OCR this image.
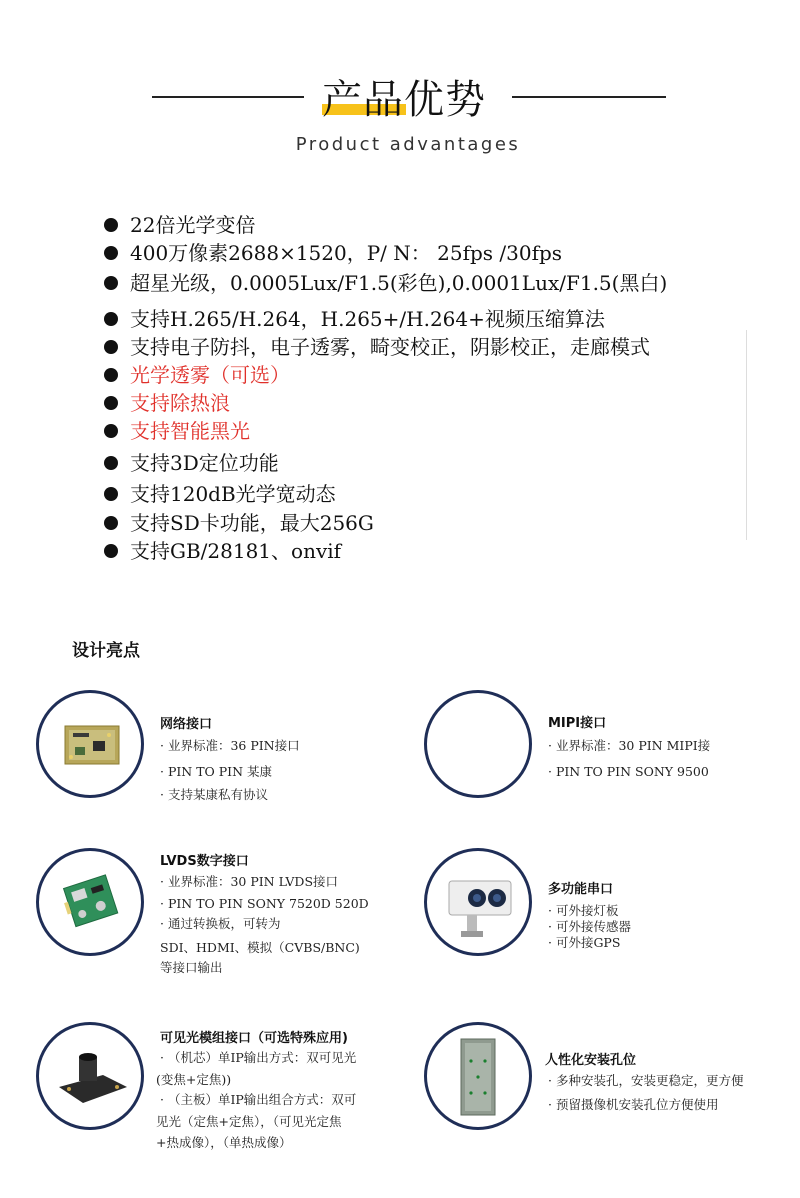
产品优势
Product advantages
22倍光学变倍
400万像素2688×1520，P/ N： 25fps /30fps
超星光级，0.0005Lux/F1.5(彩色),0.0001Lux/F1.5(黑白)
支持H.265/H.264，H.265+/H.264+视频压缩算法
支持电子防抖，电子透雾，畸变校正，阴影校正，走廊模式
光学透雾（可选）
支持除热浪
支持智能黑光
支持3D定位功能
支持120dB光学宽动态
支持SD卡功能，最大256G
支持GB/28181、onvif
设计亮点
网络接口
· 业界标准：36 PIN接口
· PIN TO PIN 某康
· 支持某康私有协议
MIPI接口
· 业界标准：30 PIN MIPI接
· PIN TO PIN SONY 9500
LVDS数字接口
· 业界标准：30 PIN LVDS接口
· PIN TO PIN SONY 7520D 520D
· 通过转换板，可转为
SDI、HDMI、模拟（CVBS/BNC)
等接口输出
多功能串口
· 可外接灯板
· 可外接传感器
· 可外接GPS
可见光模组接口（可选特殊应用)
· （机芯）单IP输出方式：双可见光
(变焦+定焦))
· （主板）单IP输出组合方式：双可
见光（定焦+定焦），（可见光定焦
+热成像），（单热成像）
人性化安装孔位
· 多种安装孔，安装更稳定，更方便
· 预留摄像机安装孔位方便使用
